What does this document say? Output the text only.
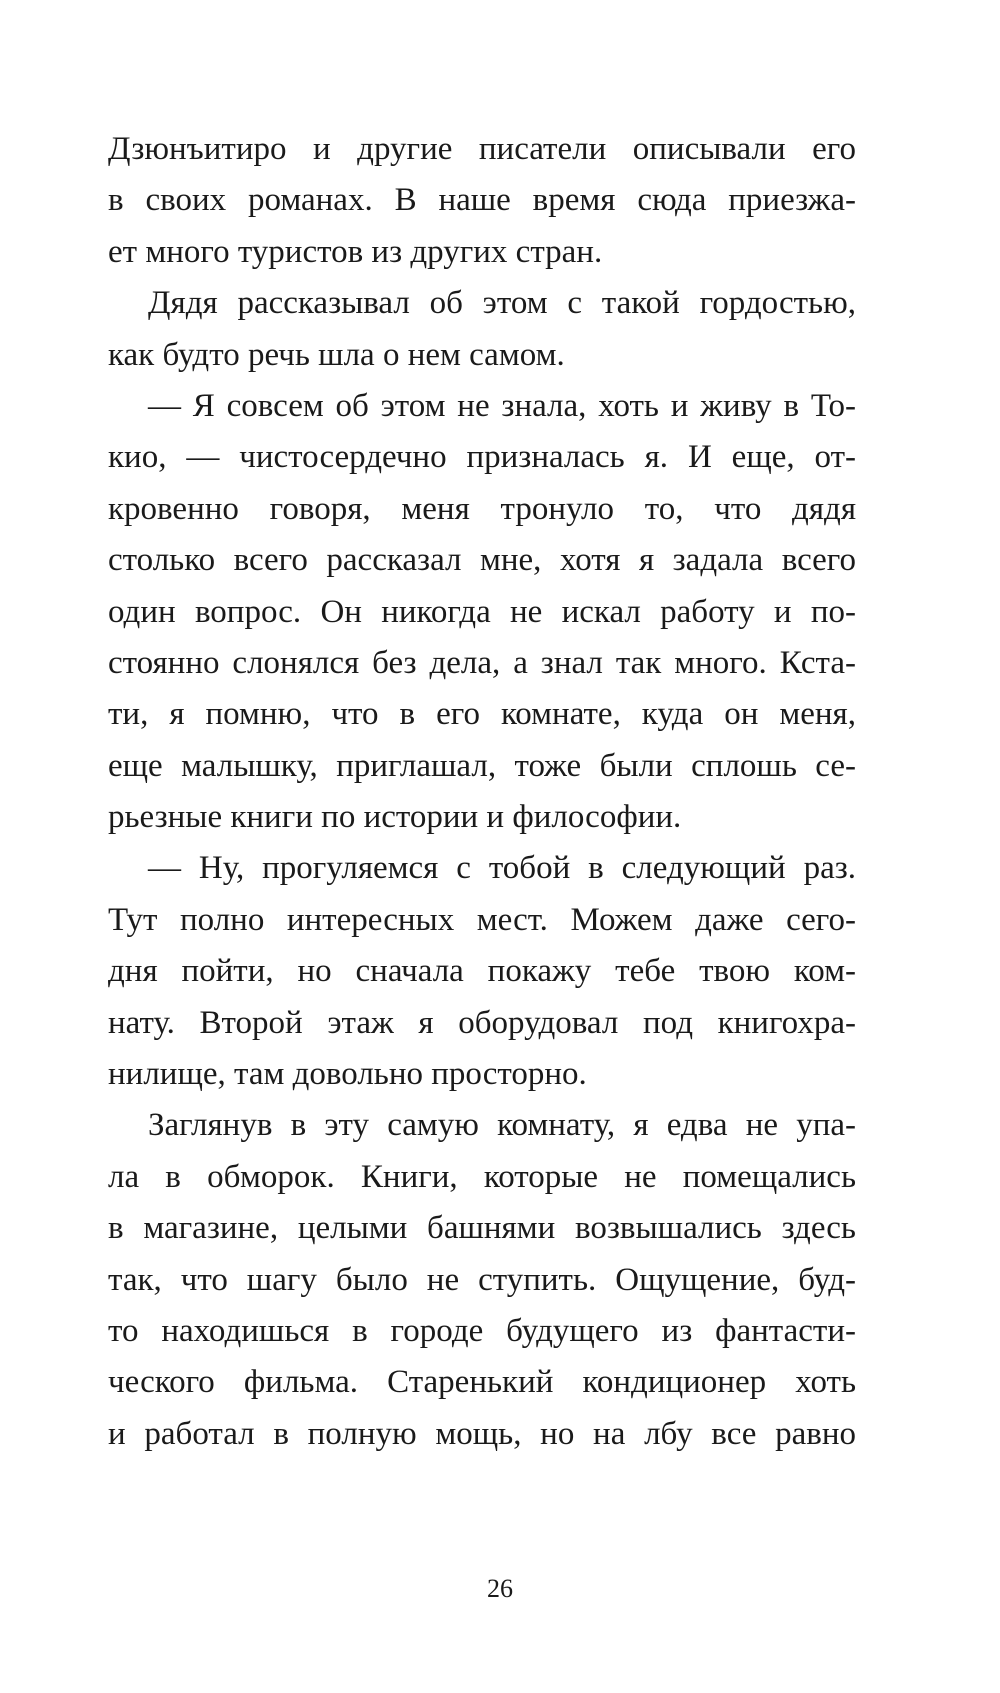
Дзюнъитиро и другие писатели описывали его
в своих романах. В наше время сюда приезжа-
ет много туристов из других стран.
Дядя рассказывал об этом с такой гордостью,
как будто речь шла о нем самом.
— Я совсем об этом не знала, хоть и живу в То-
кио, — чистосердечно призналась я. И еще, от-
кровенно говоря, меня тронуло то, что дядя
столько всего рассказал мне, хотя я задала всего
один вопрос. Он никогда не искал работу и по-
стоянно слонялся без дела, а знал так много. Кста-
ти, я помню, что в его комнате, куда он меня,
еще малышку, приглашал, тоже были сплошь се-
рьезные книги по истории и философии.
— Ну, прогуляемся с тобой в следующий раз.
Тут полно интересных мест. Можем даже сего-
дня пойти, но сначала покажу тебе твою ком-
нату. Второй этаж я оборудовал под книгохра-
нилище, там довольно просторно.
Заглянув в эту самую комнату, я едва не упа-
ла в обморок. Книги, которые не помещались
в магазине, целыми башнями возвышались здесь
так, что шагу было не ступить. Ощущение, буд-
то находишься в городе будущего из фантасти-
ческого фильма. Старенький кондиционер хоть
и работал в полную мощь, но на лбу все равно
26
